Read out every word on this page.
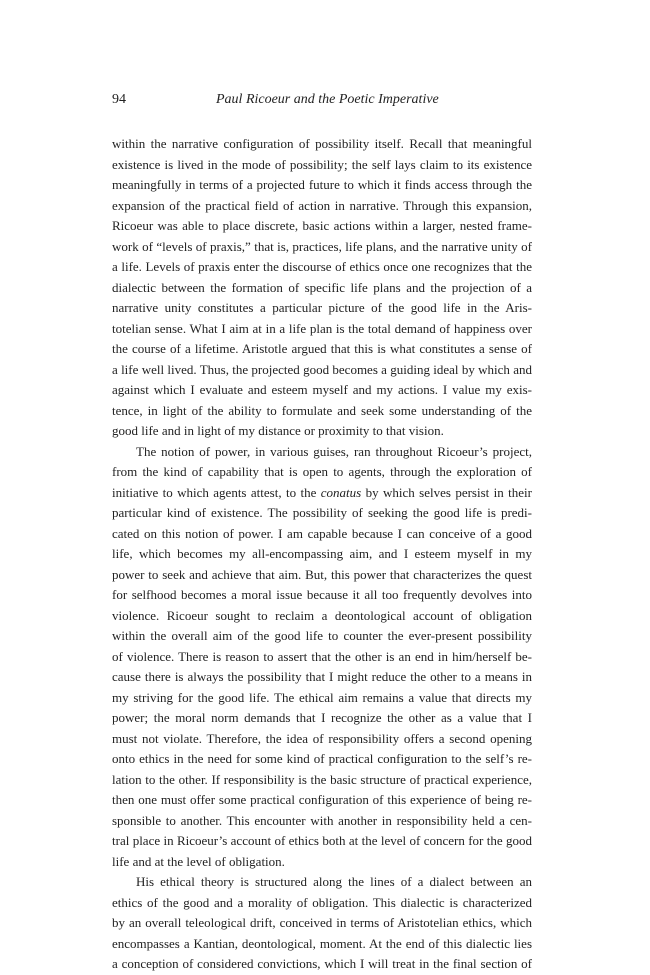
94	Paul Ricoeur and the Poetic Imperative
within the narrative configuration of possibility itself. Recall that meaningful
existence is lived in the mode of possibility; the self lays claim to its existence
meaningfully in terms of a projected future to which it finds access through the
expansion of the practical field of action in narrative. Through this expansion,
Ricoeur was able to place discrete, basic actions within a larger, nested frame-
work of “levels of praxis,” that is, practices, life plans, and the narrative unity of
a life. Levels of praxis enter the discourse of ethics once one recognizes that the
dialectic between the formation of specific life plans and the projection of a
narrative unity constitutes a particular picture of the good life in the Aris-
totelian sense. What I aim at in a life plan is the total demand of happiness over
the course of a lifetime. Aristotle argued that this is what constitutes a sense of
a life well lived. Thus, the projected good becomes a guiding ideal by which and
against which I evaluate and esteem myself and my actions. I value my exis-
tence, in light of the ability to formulate and seek some understanding of the
good life and in light of my distance or proximity to that vision.
The notion of power, in various guises, ran throughout Ricoeur’s project,
from the kind of capability that is open to agents, through the exploration of
initiative to which agents attest, to the conatus by which selves persist in their
particular kind of existence. The possibility of seeking the good life is predi-
cated on this notion of power. I am capable because I can conceive of a good
life, which becomes my all-encompassing aim, and I esteem myself in my
power to seek and achieve that aim. But, this power that characterizes the quest
for selfhood becomes a moral issue because it all too frequently devolves into
violence. Ricoeur sought to reclaim a deontological account of obligation
within the overall aim of the good life to counter the ever-present possibility
of violence. There is reason to assert that the other is an end in him/herself be-
cause there is always the possibility that I might reduce the other to a means in
my striving for the good life. The ethical aim remains a value that directs my
power; the moral norm demands that I recognize the other as a value that I
must not violate. Therefore, the idea of responsibility offers a second opening
onto ethics in the need for some kind of practical configuration to the self’s re-
lation to the other. If responsibility is the basic structure of practical experience,
then one must offer some practical configuration of this experience of being re-
sponsible to another. This encounter with another in responsibility held a cen-
tral place in Ricoeur’s account of ethics both at the level of concern for the good
life and at the level of obligation.
His ethical theory is structured along the lines of a dialect between an
ethics of the good and a morality of obligation. This dialectic is characterized
by an overall teleological drift, conceived in terms of Aristotelian ethics, which
encompasses a Kantian, deontological, moment. At the end of this dialectic lies
a conception of considered convictions, which I will treat in the final section of
